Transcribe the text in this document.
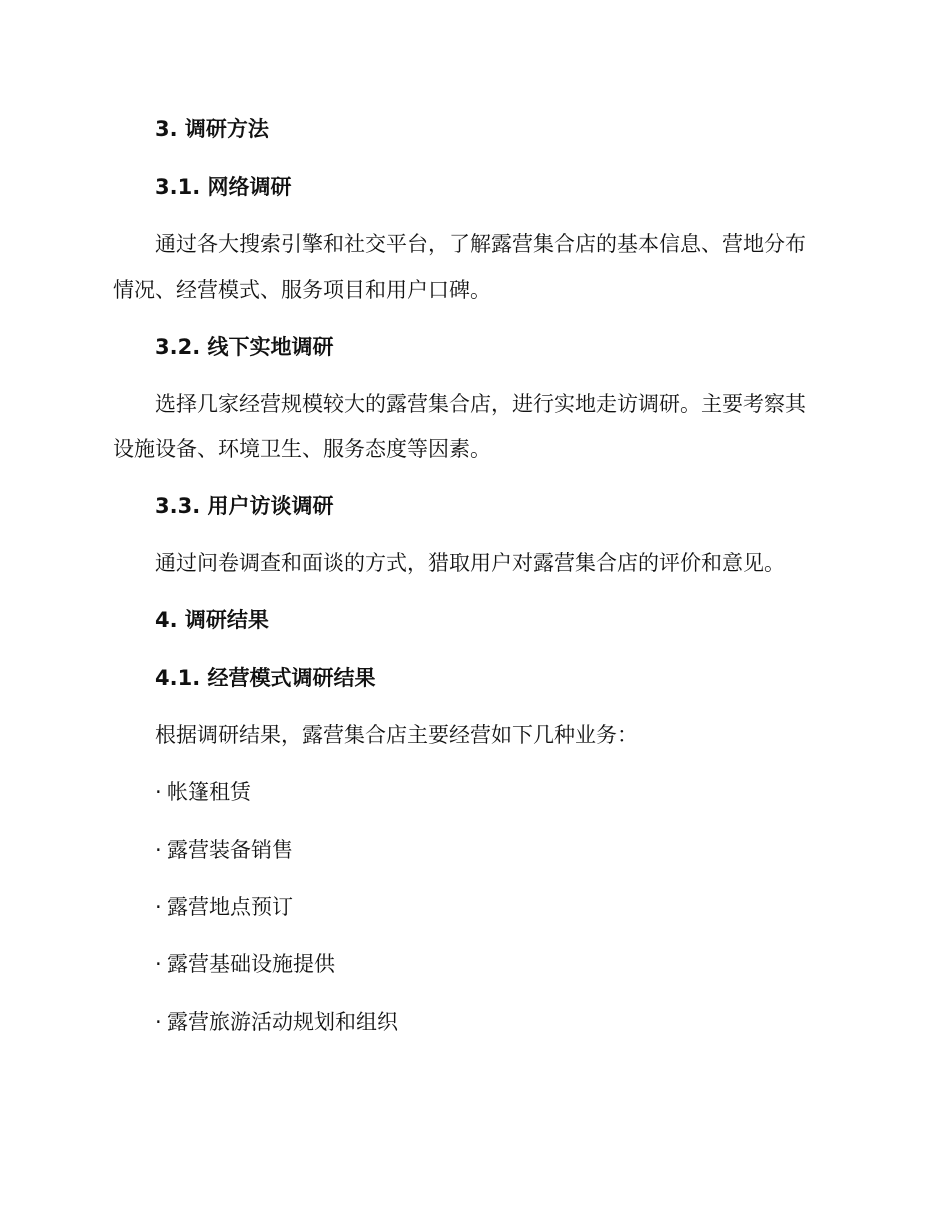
3. 调研方法
3.1. 网络调研
通过各大搜索引擎和社交平台，了解露营集合店的基本信息、营地分布
情况、经营模式、服务项目和用户口碑。
3.2. 线下实地调研
选择几家经营规模较大的露营集合店，进行实地走访调研。主要考察其
设施设备、环境卫生、服务态度等因素。
3.3. 用户访谈调研
通过问卷调查和面谈的方式，猎取用户对露营集合店的评价和意见。
4. 调研结果
4.1. 经营模式调研结果
根据调研结果，露营集合店主要经营如下几种业务：
· 帐篷租赁
· 露营装备销售
· 露营地点预订
· 露营基础设施提供
· 露营旅游活动规划和组织
